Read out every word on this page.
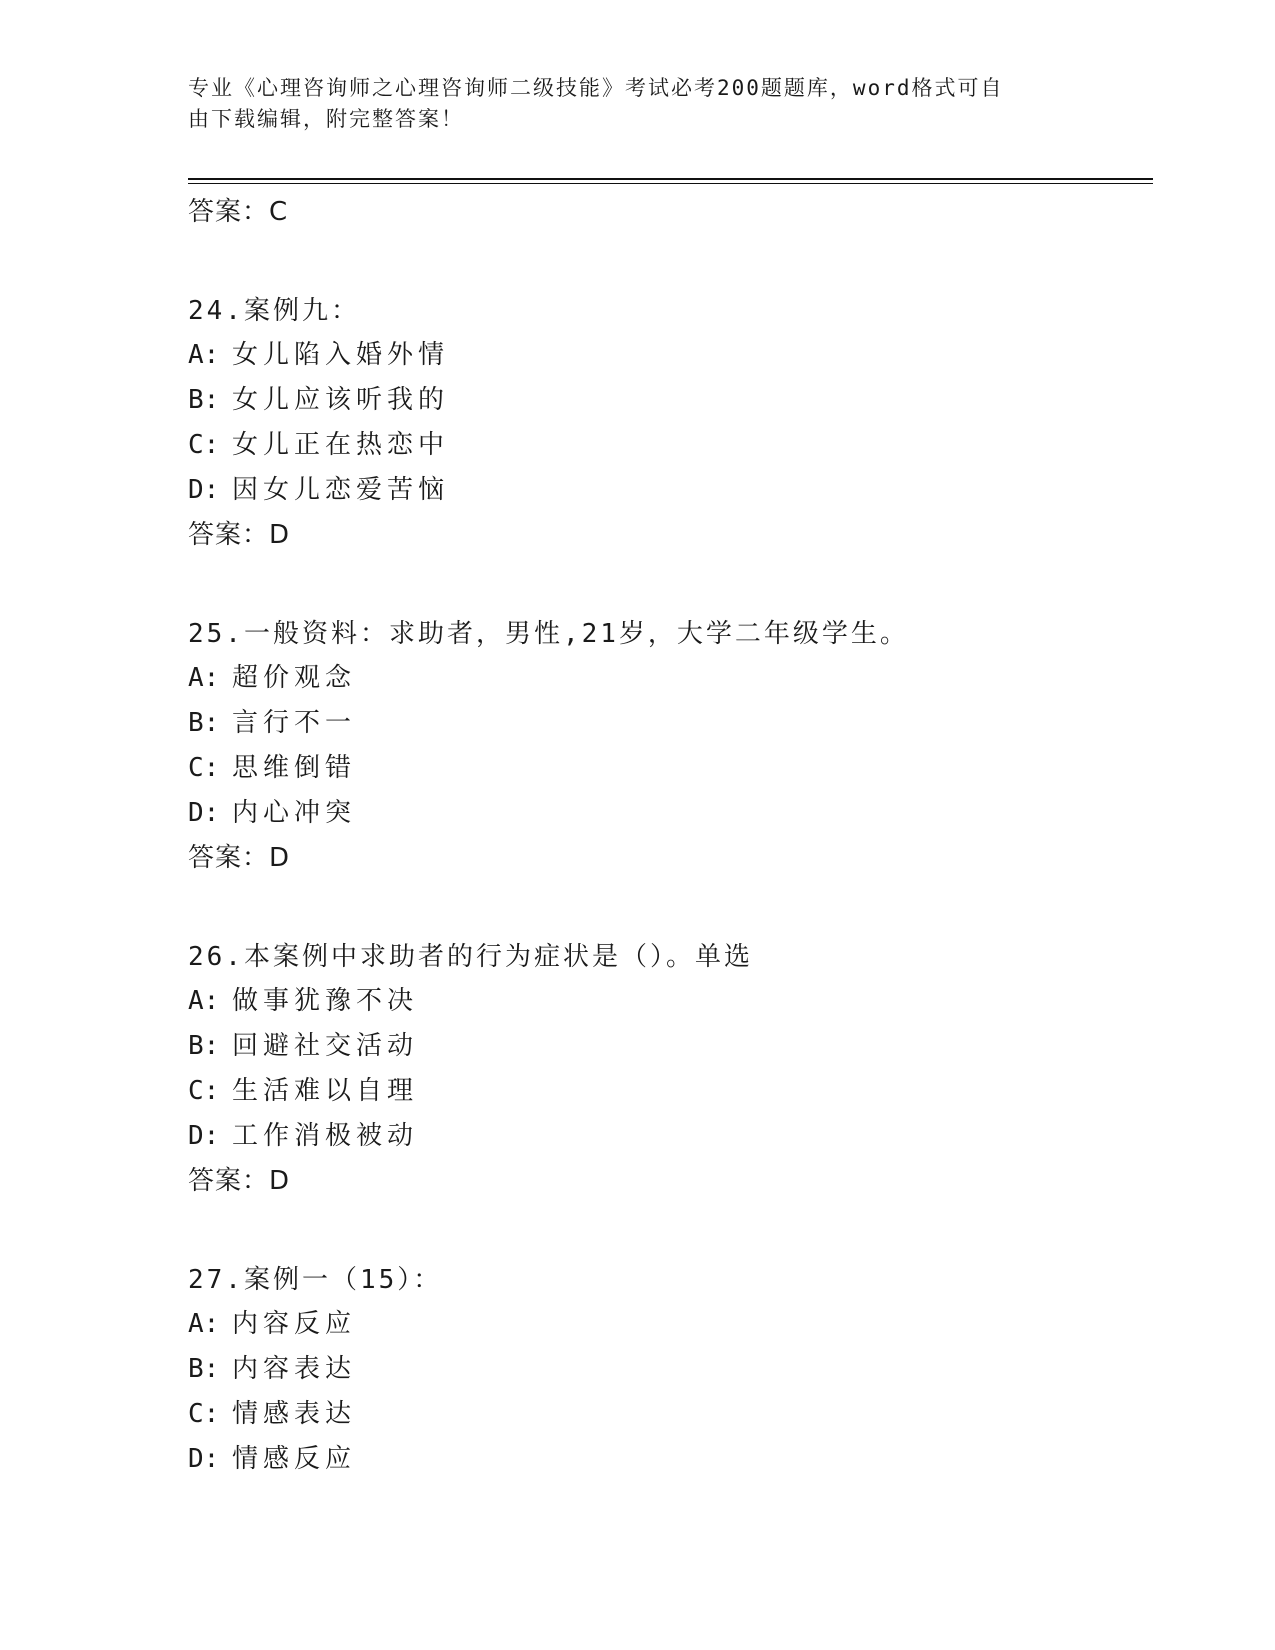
专业《心理咨询师之心理咨询师二级技能》考试必考200题题库，word格式可自
由下载编辑，附完整答案！
答案：C
24.案例九：
A: 女儿陷入婚外情
B: 女儿应该听我的
C: 女儿正在热恋中
D: 因女儿恋爱苦恼
答案：D
25.一般资料：求助者，男性,21岁，大学二年级学生。
A: 超价观念
B: 言行不一
C: 思维倒错
D: 内心冲突
答案：D
26.本案例中求助者的行为症状是（）。单选
A: 做事犹豫不决
B: 回避社交活动
C: 生活难以自理
D: 工作消极被动
答案：D
27.案例一（15）：
A: 内容反应
B: 内容表达
C: 情感表达
D: 情感反应
